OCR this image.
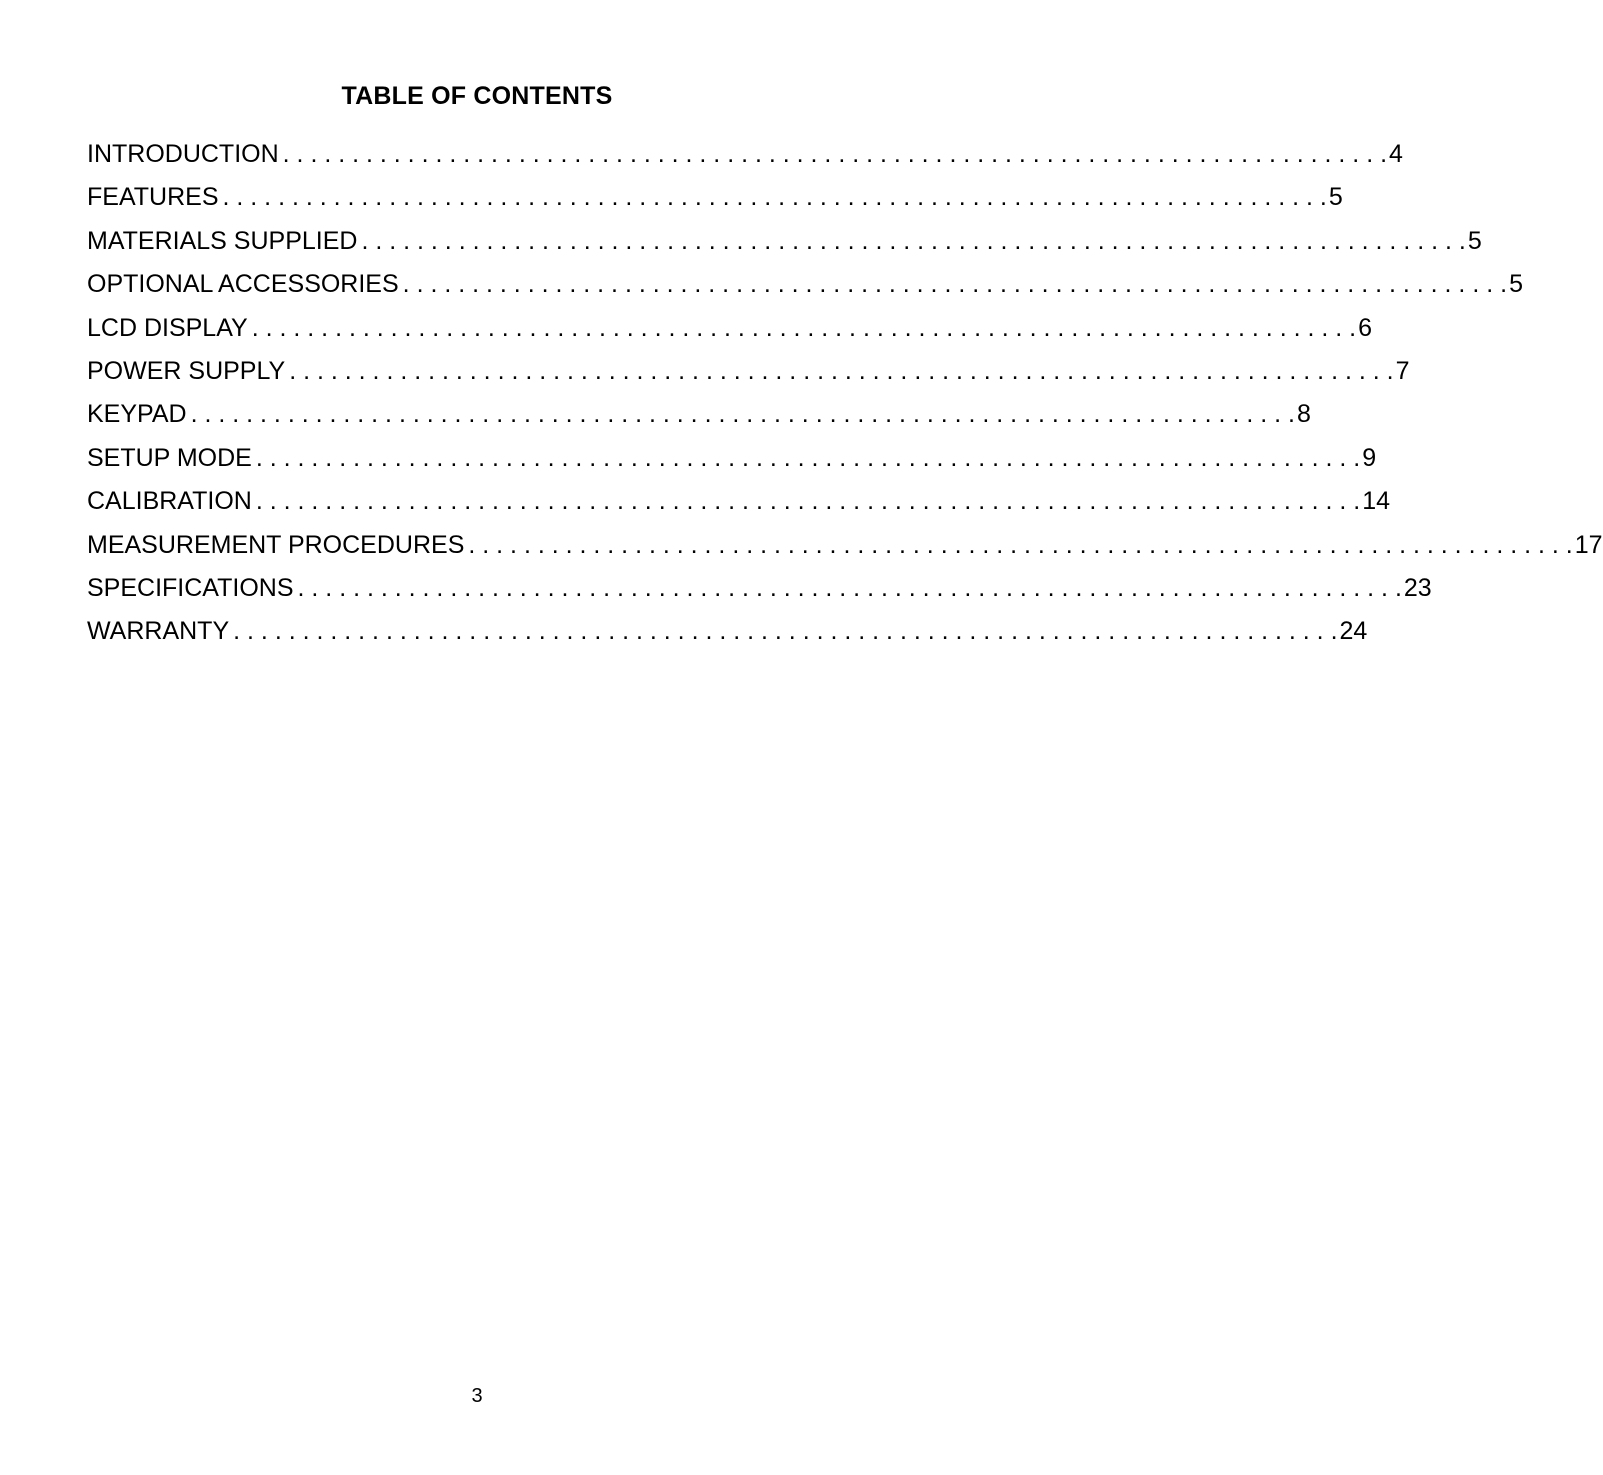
TABLE OF CONTENTS
INTRODUCTION . . . . . . . . . . . . . . . . . . . . . . . . . . . . . . . . . . . . . . . . . . . . . . . . . . . . . . . . . . . . . . . . . . . . . . . . . . . . . . . . 4
FEATURES . . . . . . . . . . . . . . . . . . . . . . . . . . . . . . . . . . . . . . . . . . . . . . . . . . . . . . . . . . . . . . . . . . . . . . . . . . . . . . . . 5
MATERIALS SUPPLIED . . . . . . . . . . . . . . . . . . . . . . . . . . . . . . . . . . . . . . . . . . . . . . . . . . . . . . . . . . . . . . . . . . . . . . . . . . . . . . . . 5
OPTIONAL ACCESSORIES . . . . . . . . . . . . . . . . . . . . . . . . . . . . . . . . . . . . . . . . . . . . . . . . . . . . . . . . . . . . . . . . . . . . . . . . . . . . . . . . 5
LCD DISPLAY . . . . . . . . . . . . . . . . . . . . . . . . . . . . . . . . . . . . . . . . . . . . . . . . . . . . . . . . . . . . . . . . . . . . . . . . . . . . . . . . 6
POWER SUPPLY . . . . . . . . . . . . . . . . . . . . . . . . . . . . . . . . . . . . . . . . . . . . . . . . . . . . . . . . . . . . . . . . . . . . . . . . . . . . . . . . 7
KEYPAD . . . . . . . . . . . . . . . . . . . . . . . . . . . . . . . . . . . . . . . . . . . . . . . . . . . . . . . . . . . . . . . . . . . . . . . . . . . . . . . . 8
SETUP MODE . . . . . . . . . . . . . . . . . . . . . . . . . . . . . . . . . . . . . . . . . . . . . . . . . . . . . . . . . . . . . . . . . . . . . . . . . . . . . . . . 9
CALIBRATION . . . . . . . . . . . . . . . . . . . . . . . . . . . . . . . . . . . . . . . . . . . . . . . . . . . . . . . . . . . . . . . . . . . . . . . . . . . . . . . . 14
MEASUREMENT PROCEDURES . . . . . . . . . . . . . . . . . . . . . . . . . . . . . . . . . . . . . . . . . . . . . . . . . . . . . . . . . . . . . . . . . . . . . . . . . . . . . . . . 17
SPECIFICATIONS . . . . . . . . . . . . . . . . . . . . . . . . . . . . . . . . . . . . . . . . . . . . . . . . . . . . . . . . . . . . . . . . . . . . . . . . . . . . . . . . 23
WARRANTY . . . . . . . . . . . . . . . . . . . . . . . . . . . . . . . . . . . . . . . . . . . . . . . . . . . . . . . . . . . . . . . . . . . . . . . . . . . . . . . . 24
3
